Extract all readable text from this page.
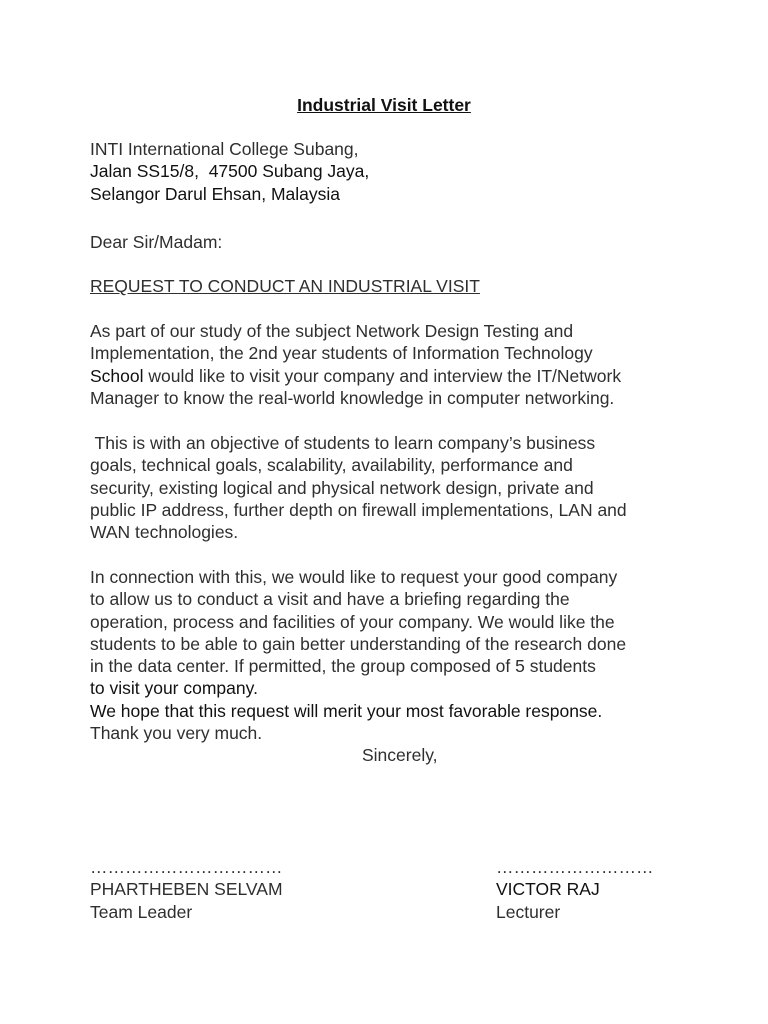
Industrial Visit Letter
INTI International College Subang,
Jalan SS15/8,  47500 Subang Jaya,
Selangor Darul Ehsan, Malaysia
Dear Sir/Madam:
REQUEST TO CONDUCT AN INDUSTRIAL VISIT
As part of our study of the subject Network Design Testing and
Implementation, the 2nd year students of Information Technology
School would like to visit your company and interview the IT/Network
Manager to know the real-world knowledge in computer networking.
This is with an objective of students to learn company’s business
goals, technical goals, scalability, availability, performance and
security, existing logical and physical network design, private and
public IP address, further depth on firewall implementations, LAN and
WAN technologies.
In connection with this, we would like to request your good company
to allow us to conduct a visit and have a briefing regarding the
operation, process and facilities of your company. We would like the
students to be able to gain better understanding of the research done
in the data center. If permitted, the group composed of 5 students
to visit your company.
We hope that this request will merit your most favorable response.
Thank you very much.
Sincerely,
……………………………
PHARTHEBEN SELVAM
Team Leader
………………………
VICTOR RAJ
Lecturer
